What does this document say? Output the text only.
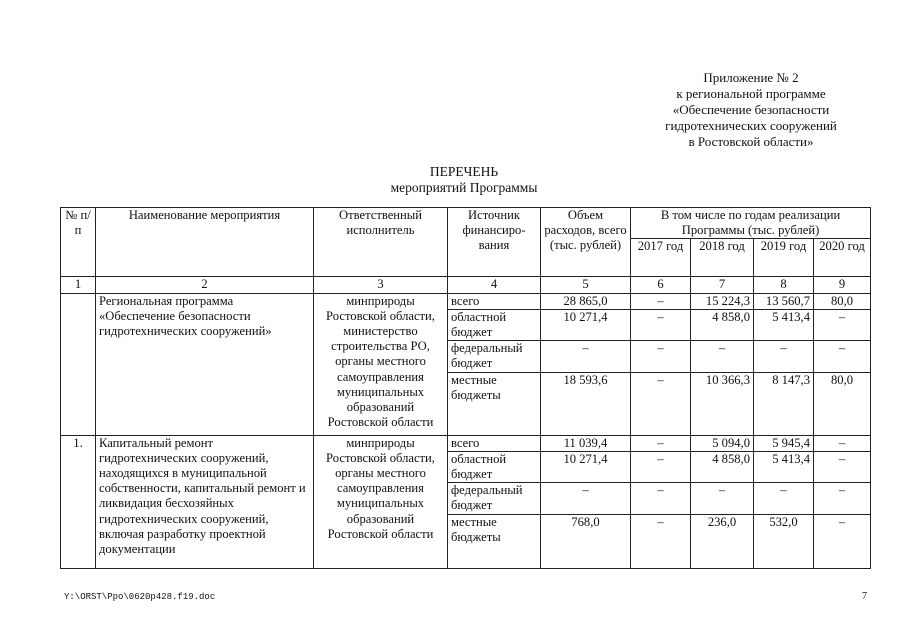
Приложение № 2
к региональной программе
«Обеспечение безопасности
гидротехнических сооружений
в Ростовской области»
ПЕРЕЧЕНЬ
мероприятий Программы
№ п/п	Наименование мероприятия	Ответственный исполнитель	Источник финансиро-вания	Объем расходов, всего (тыс. рублей)	В том числе по годам реализации Программы (тыс. рублей)			
					2017 год	2018 год	2019 год	2020 год
1	2	3	4	5	6	7	8	9
	Региональная программа «Обеспечение безопасности гидротехнических сооружений»	минприроды Ростовской области, министерство строительства РО, органы местного самоуправления муниципальных образований Ростовской области	всего	28 865,0	–	15 224,3	13 560,7	80,0
			областной бюджет	10 271,4	–	4 858,0	5 413,4	–
			федеральный бюджет	–	–	–	–	–
			местные бюджеты	18 593,6	–	10 366,3	8 147,3	80,0
1.	Капитальный ремонт гидротехнических сооружений, находящихся в муниципальной собственности, капитальный ремонт и ликвидация бесхозяйных гидротехнических сооружений, включая разработку проектной документации	минприроды Ростовской области, органы местного самоуправления муниципальных образований Ростовской области	всего	11 039,4	–	5 094,0	5 945,4	–
			областной бюджет	10 271,4	–	4 858,0	5 413,4	–
			федеральный бюджет	–	–	–	–	–
			местные бюджеты	768,0	–	236,0	532,0	–
Y:\ORST\Ppo\0620p428.f19.doc	7
